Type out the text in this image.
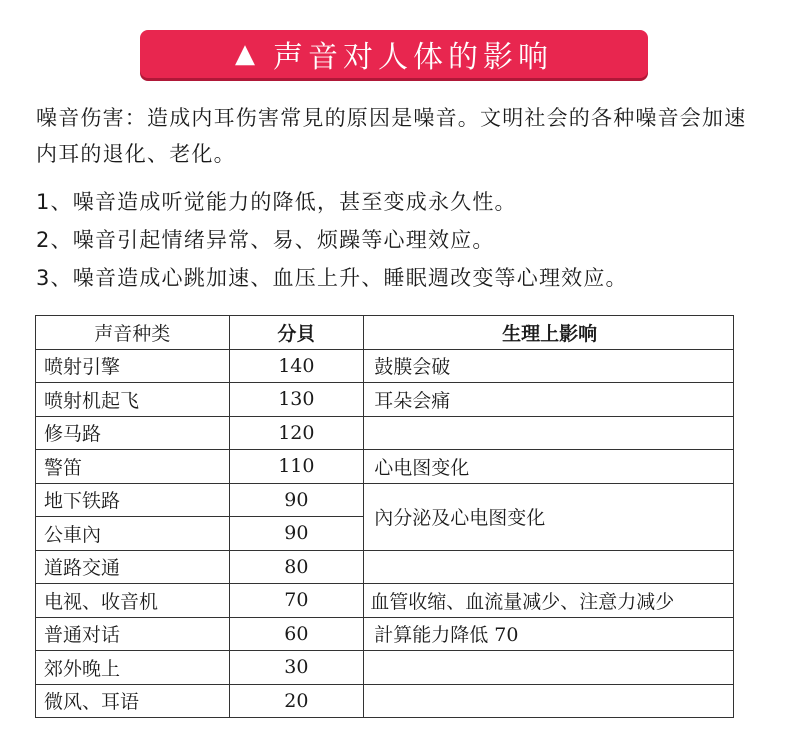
▲ 声音对人体的影响
噪音伤害：造成内耳伤害常見的原因是噪音。文明社会的各种噪音会加速内耳的退化、老化。
1、噪音造成听觉能力的降低，甚至变成永久性。
2、噪音引起情绪异常、易、烦躁等心理效应。
3、噪音造成心跳加速、血压上升、睡眠週改变等心理效应。
声音种类	分貝	生理上影响
喷射引擎	140	鼓膜会破
喷射机起飞	130	耳朵会痛
修马路	120	
警笛	110	心电图变化
地下铁路	90	內分泌及心电图变化
公車內	90	
道路交通	80	
电视、收音机	70	血管收缩、血流量减少、注意力减少
普通对话	60	計算能力降低 70
郊外晚上	30	
微风、耳语	20	
